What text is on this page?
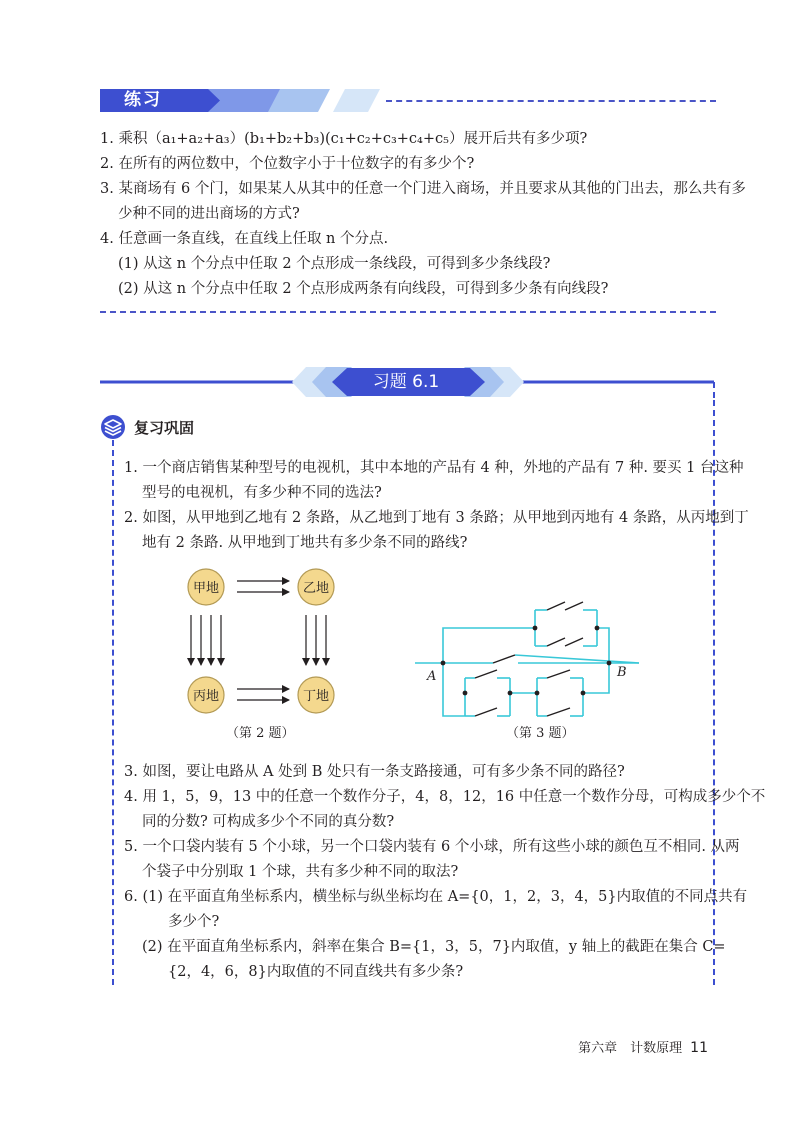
练习
1. 乘积（a₁+a₂+a₃）(b₁+b₂+b₃)(c₁+c₂+c₃+c₄+c₅）展开后共有多少项?
2. 在所有的两位数中，个位数字小于十位数字的有多少个?
3. 某商场有 6 个门，如果某人从其中的任意一个门进入商场，并且要求从其他的门出去，那么共有多
少种不同的进出商场的方式?
4. 任意画一条直线，在直线上任取 n 个分点.
(1) 从这 n 个分点中任取 2 个点形成一条线段，可得到多少条线段?
(2) 从这 n 个分点中任取 2 个点形成两条有向线段，可得到多少条有向线段?
习题 6.1
复习巩固
1. 一个商店销售某种型号的电视机，其中本地的产品有 4 种，外地的产品有 7 种. 要买 1 台这种
型号的电视机，有多少种不同的选法?
2. 如图，从甲地到乙地有 2 条路，从乙地到丁地有 3 条路；从甲地到丙地有 4 条路，从丙地到丁
地有 2 条路. 从甲地到丁地共有多少条不同的路线?
甲地	乙地
丙地	丁地
（第 2 题）
A	B
（第 3 题）
3. 如图，要让电路从 A 处到 B 处只有一条支路接通，可有多少条不同的路径?
4. 用 1，5，9，13 中的任意一个数作分子，4，8，12，16 中任意一个数作分母，可构成多少个不
同的分数? 可构成多少个不同的真分数?
5. 一个口袋内装有 5 个小球，另一个口袋内装有 6 个小球，所有这些小球的颜色互不相同. 从两
个袋子中分别取 1 个球，共有多少种不同的取法?
6. (1) 在平面直角坐标系内，横坐标与纵坐标均在 A={0，1，2，3，4，5}内取值的不同点共有
多少个?
(2) 在平面直角坐标系内，斜率在集合 B={1，3，5，7}内取值，y 轴上的截距在集合 C=
{2，4，6，8}内取值的不同直线共有多少条?
第六章　计数原理 11
